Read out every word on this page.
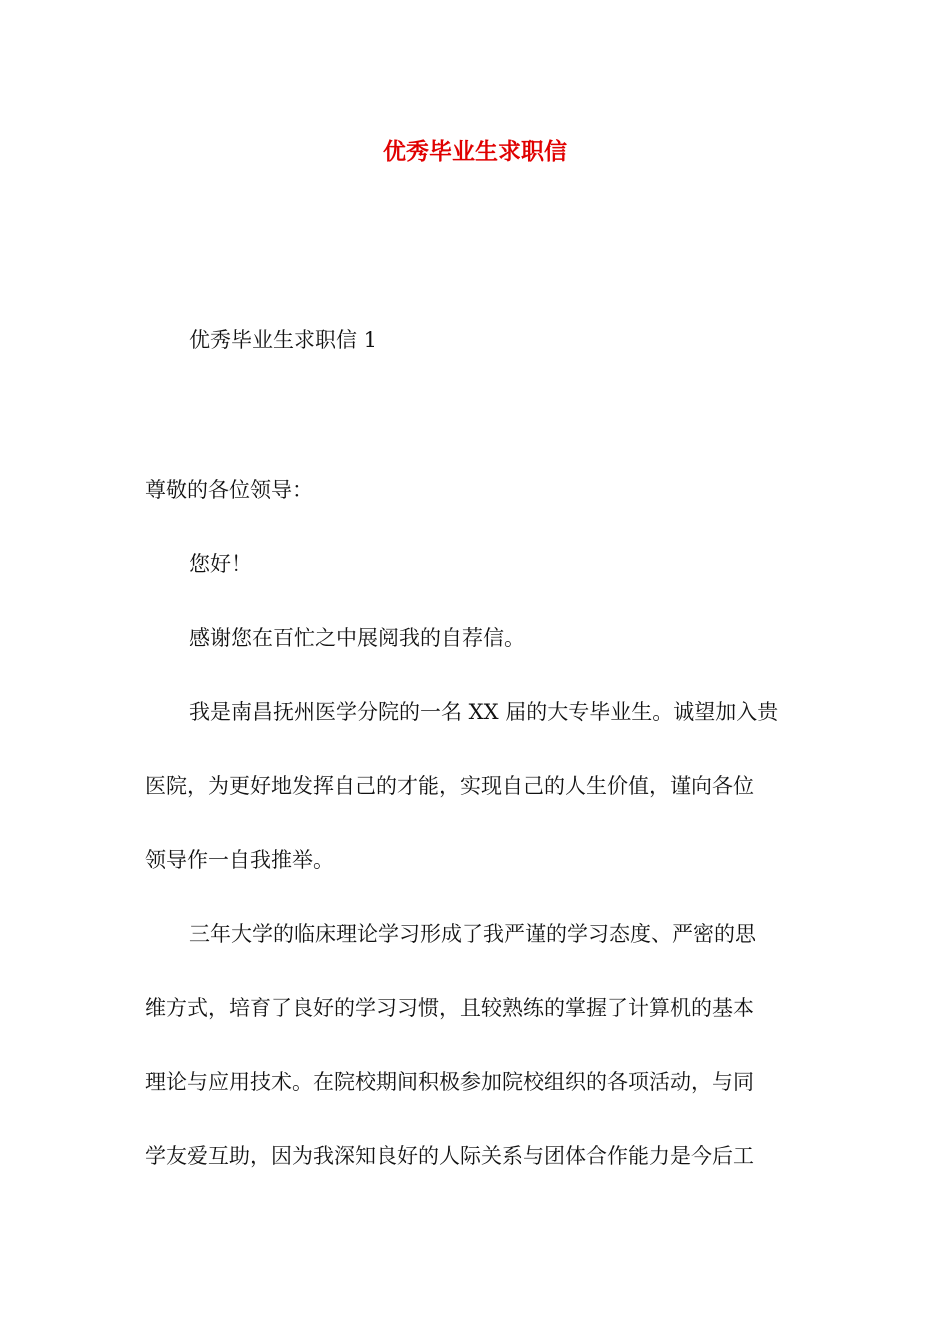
优秀毕业生求职信

优秀毕业生求职信 1

尊敬的各位领导：

您好！

感谢您在百忙之中展阅我的自荐信。

我是南昌抚州医学分院的一名 XX 届的大专毕业生。诚望加入贵
医院，为更好地发挥自己的才能，实现自己的人生价值，谨向各位
领导作一自我推举。
三年大学的临床理论学习形成了我严谨的学习态度、严密的思
维方式，培育了良好的学习习惯，且较熟练的掌握了计算机的基本
理论与应用技术。在院校期间积极参加院校组织的各项活动，与同
学友爱互助，因为我深知良好的人际关系与团体合作能力是今后工
